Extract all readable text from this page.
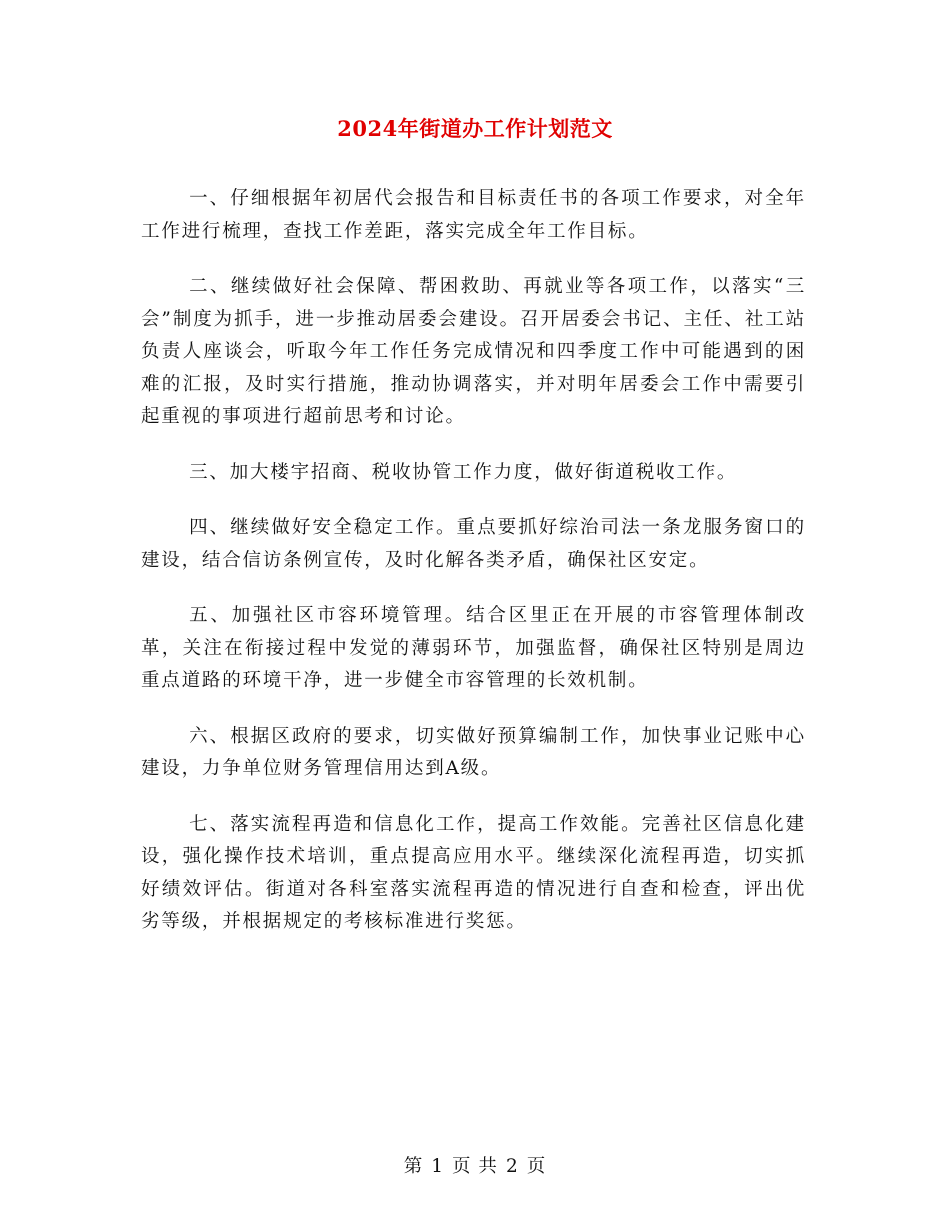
2024年街道办工作计划范文

一、仔细根据年初居代会报告和目标责任书的各项工作要求，对全年工作进行梳理，查找工作差距，落实完成全年工作目标。

二、继续做好社会保障、帮困救助、再就业等各项工作，以落实“三会”制度为抓手，进一步推动居委会建设。召开居委会书记、主任、社工站负责人座谈会，听取今年工作任务完成情况和四季度工作中可能遇到的困难的汇报，及时实行措施，推动协调落实，并对明年居委会工作中需要引起重视的事项进行超前思考和讨论。

三、加大楼宇招商、税收协管工作力度，做好街道税收工作。

四、继续做好安全稳定工作。重点要抓好综治司法一条龙服务窗口的建设，结合信访条例宣传，及时化解各类矛盾，确保社区安定。

五、加强社区市容环境管理。结合区里正在开展的市容管理体制改革，关注在衔接过程中发觉的薄弱环节，加强监督，确保社区特别是周边重点道路的环境干净，进一步健全市容管理的长效机制。

六、根据区政府的要求，切实做好预算编制工作，加快事业记账中心建设，力争单位财务管理信用达到A级。

七、落实流程再造和信息化工作，提高工作效能。完善社区信息化建设，强化操作技术培训，重点提高应用水平。继续深化流程再造，切实抓好绩效评估。街道对各科室落实流程再造的情况进行自查和检查，评出优劣等级，并根据规定的考核标准进行奖惩。

第 1 页 共 2 页
